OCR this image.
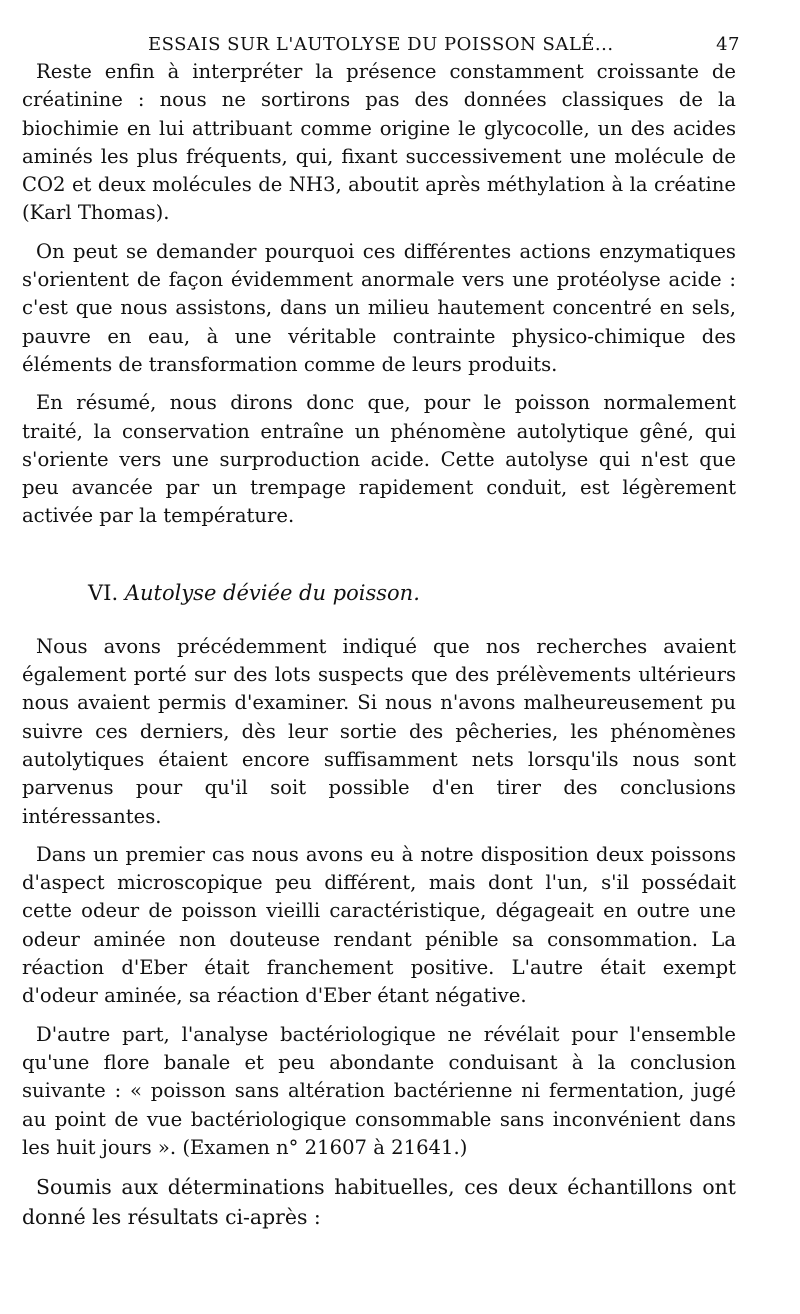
ESSAIS SUR L'AUTOLYSE DU POISSON SALÉ...	47

Reste enfin à interpréter la présence constamment croissante de créatinine : nous ne sortirons pas des données classiques de la biochimie en lui attribuant comme origine le glycocolle, un des acides aminés les plus fréquents, qui, fixant successivement une molécule de CO2 et deux molécules de NH3, aboutit après méthylation à la créatine (Karl Thomas).

On peut se demander pourquoi ces différentes actions enzymatiques s'orientent de façon évidemment anormale vers une protéolyse acide : c'est que nous assistons, dans un milieu hautement concentré en sels, pauvre en eau, à une véritable contrainte physico-chimique des éléments de transformation comme de leurs produits.

En résumé, nous dirons donc que, pour le poisson normalement traité, la conservation entraîne un phénomène autolytique gêné, qui s'oriente vers une surproduction acide. Cette autolyse qui n'est que peu avancée par un trempage rapidement conduit, est légèrement activée par la température.

VI. Autolyse déviée du poisson.

Nous avons précédemment indiqué que nos recherches avaient également porté sur des lots suspects que des prélèvements ultérieurs nous avaient permis d'examiner. Si nous n'avons malheureusement pu suivre ces derniers, dès leur sortie des pêcheries, les phénomènes autolytiques étaient encore suffisamment nets lorsqu'ils nous sont parvenus pour qu'il soit possible d'en tirer des conclusions intéressantes.

Dans un premier cas nous avons eu à notre disposition deux poissons d'aspect microscopique peu différent, mais dont l'un, s'il possédait cette odeur de poisson vieilli caractéristique, dégageait en outre une odeur aminée non douteuse rendant pénible sa consommation. La réaction d'Eber était franchement positive. L'autre était exempt d'odeur aminée, sa réaction d'Eber étant négative.

D'autre part, l'analyse bactériologique ne révélait pour l'ensemble qu'une flore banale et peu abondante conduisant à la conclusion suivante : « poisson sans altération bactérienne ni fermentation, jugé au point de vue bactériologique consommable sans inconvénient dans les huit jours ». (Examen n° 21607 à 21641.)

Soumis aux déterminations habituelles, ces deux échantillons ont donné les résultats ci-après :
